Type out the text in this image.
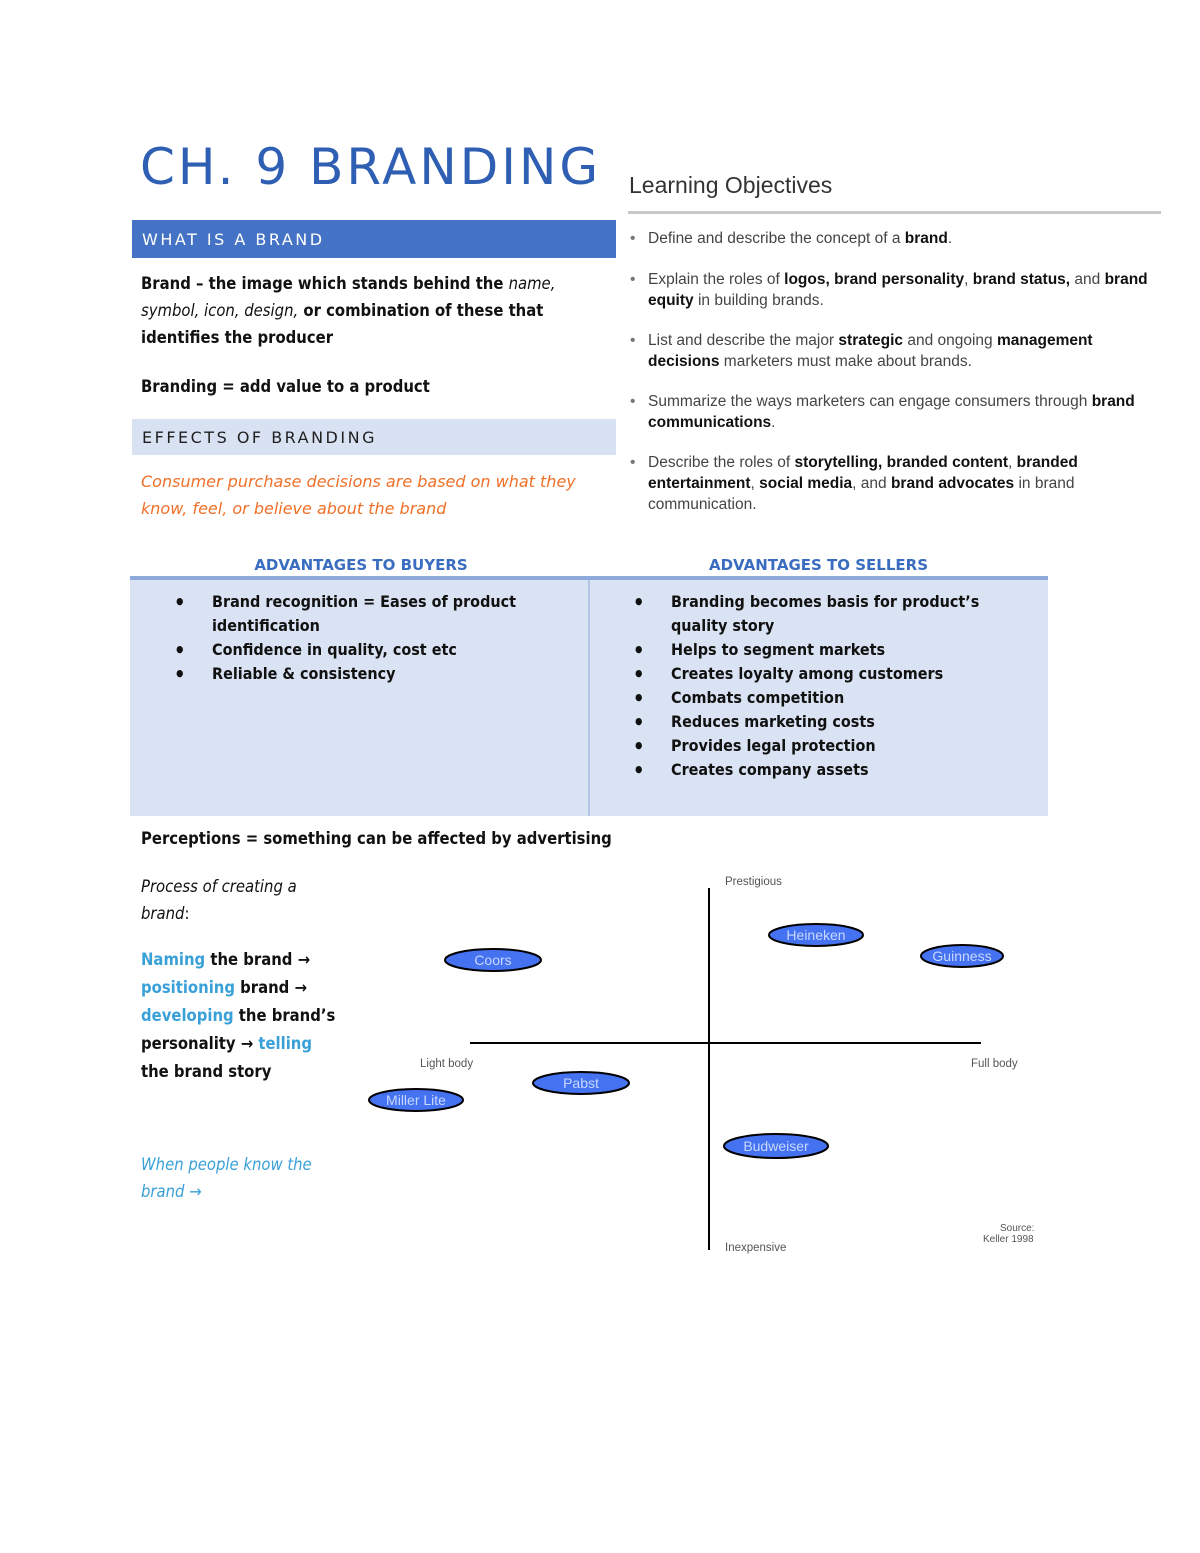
CH. 9 BRANDING
WHAT IS A BRAND
Brand – the image which stands behind the name, symbol, icon, design, or combination of these that identifies the producer
Branding = add value to a product
EFFECTS OF BRANDING
Consumer purchase decisions are based on what they know, feel, or believe about the brand
Learning Objectives
• Define and describe the concept of a brand.
• Explain the roles of logos, brand personality, brand status, and brand equity in building brands.
• List and describe the major strategic and ongoing management decisions marketers must make about brands.
• Summarize the ways marketers can engage consumers through brand communications.
• Describe the roles of storytelling, branded content, branded entertainment, social media, and brand advocates in brand communication.
ADVANTAGES TO BUYERS	ADVANTAGES TO SELLERS
• Brand recognition = Eases of product identification
• Confidence in quality, cost etc
• Reliable & consistency
• Branding becomes basis for product’s quality story
• Helps to segment markets
• Creates loyalty among customers
• Combats competition
• Reduces marketing costs
• Provides legal protection
• Creates company assets
Perceptions = something can be affected by advertising
Process of creating a brand:
Naming the brand → positioning brand → developing the brand’s personality → telling the brand story
When people know the brand →
Prestigious
Inexpensive
Light body	Full body
Source:
Keller 1998
Heineken
Guinness
Coors
Pabst
Miller Lite
Budweiser
